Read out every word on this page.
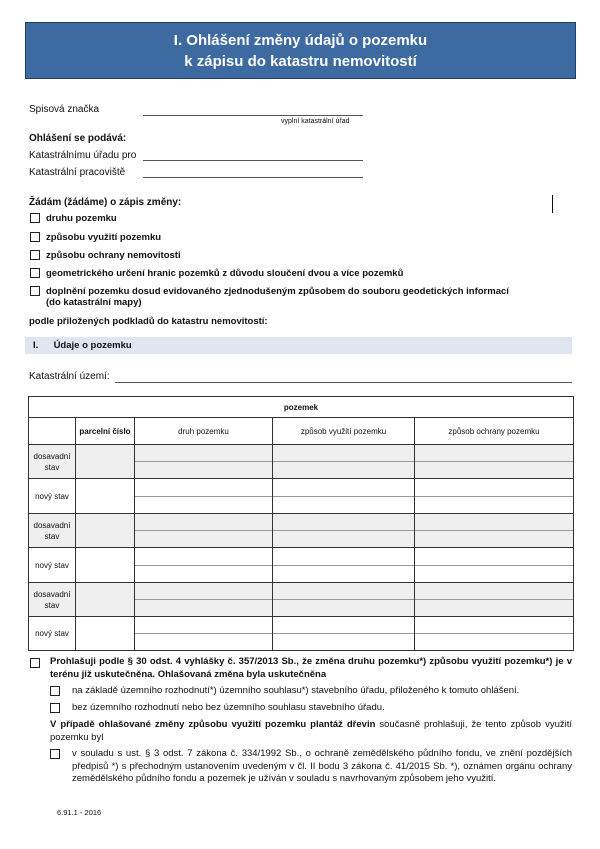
I. Ohlášení změny údajů o pozemku
k zápisu do katastru nemovitostí
Spisová značka
vyplní katastrální úřad
Ohlášení se podává:
Katastrálnímu úřadu pro
Katastrální pracoviště
Žádám (žádáme) o zápis změny:
druhu pozemku
způsobu využití pozemku
způsobu ochrany nemovitosti
geometrického určení hranic pozemků z důvodu sloučení dvou a více pozemků
doplnění pozemku dosud evidovaného zjednodušeným způsobem do souboru geodetických informací
(do katastrální mapy)
podle přiložených podkladů do katastru nemovitostí:
I. Údaje o pozemku
Katastrální území:
pozemek				
	parcelní číslo	druh pozemku	způsob využití pozemku	způsob ochrany pozemku
dosavadní stav		

nový stav		

dosavadní stav		

nový stav		

dosavadní stav		

nový stav		

Prohlašuji podle § 30 odst. 4 vyhlášky č. 357/2013 Sb., že změna druhu pozemku*) způsobu využití pozemku*) je v terénu již uskutečněna. Ohlašovaná změna byla uskutečněna
na základě územního rozhodnutí*) územního souhlasu*) stavebního úřadu, přiloženého k tomuto ohlášení.
bez územního rozhodnutí nebo bez územního souhlasu stavebního úřadu.
V případě ohlašované změny způsobu využití pozemku plantáž dřevin současně prohlašuji, že tento způsob využití pozemku byl
v souladu s ust. § 3 odst. 7 zákona č. 334/1992 Sb., o ochraně zemědělského půdního fondu, ve znění pozdějších předpisů *) s přechodným ustanovením uvedeným v čl. II bodu 3 zákona č. 41/2015 Sb. *), oznámen orgánu ochrany zemědělského půdního fondu a pozemek je užíván v souladu s navrhovaným způsobem jeho využití.
6.91.1 - 2016
